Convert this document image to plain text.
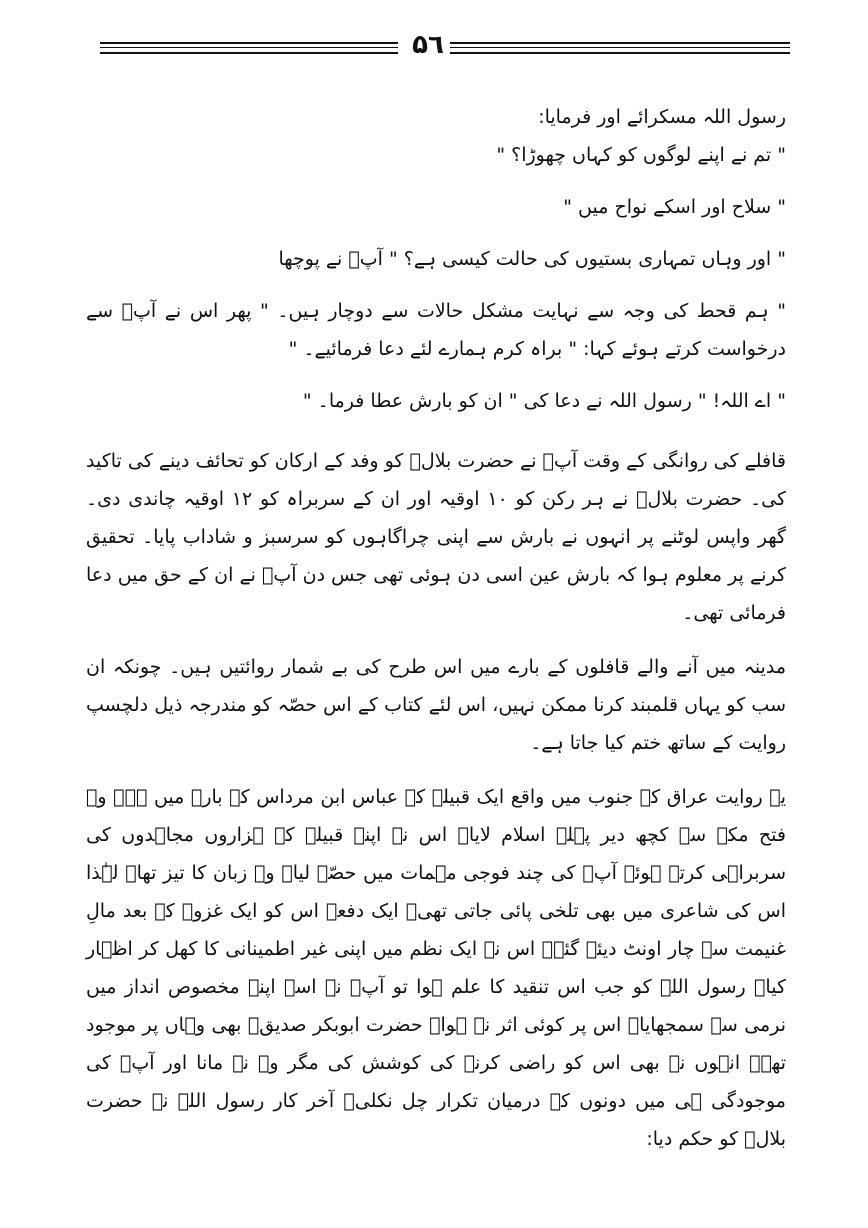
۵٦

رسول اللہ مسکرائے اور فرمایا:

" تم نے اپنے لوگوں کو کہاں چھوڑا؟ "

" سلاح اور اسکے نواح میں "

" اور وہاں تمہاری بستیوں کی حالت کیسی ہے؟ " آپؐ نے پوچھا

" ہم قحط کی وجہ سے نہایت مشکل حالات سے دوچار ہیں۔ " پھر اس نے آپؐ سے درخواست کرتے ہوئے کہا: " براہ کرم ہمارے لئے دعا فرمائیے۔ "

" اے اللہ! " رسول اللہ نے دعا کی " ان کو بارش عطا فرما۔ "

قافلے کی روانگی کے وقت آپؐ نے حضرت بلالؓ کو وفد کے ارکان کو تحائف دینے کی تاکید کی۔ حضرت بلالؓ نے ہر رکن کو ١٠ اوقیہ اور ان کے سربراہ کو ١٢ اوقیہ چاندی دی۔ گھر واپس لوٹنے پر انہوں نے بارش سے اپنی چراگاہوں کو سرسبز و شاداب پایا۔ تحقیق کرنے پر معلوم ہوا کہ بارش عین اسی دن ہوئی تھی جس دن آپؐ نے ان کے حق میں دعا فرمائی تھی۔

مدینہ میں آنے والے قافلوں کے بارے میں اس طرح کی بے شمار روائتیں ہیں۔ چونکہ ان سب کو یہاں قلمبند کرنا ممکن نہیں، اس لئے کتاب کے اس حصّہ کو مندرجہ ذیل دلچسپ روایت کے ساتھ ختم کیا جاتا ہے۔

یہ روایت عراق کے جنوب میں واقع ایک قبیلہ کے عباس ابن مرداس کے بارے میں ہے۔ وہ فتح مکہ سے کچھ دیر پہلے اسلام لایا۔ اس نے اپنے قبیلہ کے ہزاروں مجاہدوں کی سربراہی کرتے ہوئے آپؐ کی چند فوجی مہمات میں حصّہ لیا۔ وہ زبان کا تیز تھا۔ لہٰذا اس کی شاعری میں بھی تلخی پائی جاتی تھی۔ ایک دفعہ اس کو ایک غزوہ کے بعد مالِ غنیمت سے چار اونٹ دیئے گئے۔ اس نے ایک نظم میں اپنی غیر اطمینانی کا کھل کر اظہار کیا۔ رسول اللہ کو جب اس تنقید کا علم ہوا تو آپؐ نے اسے اپنے مخصوص انداز میں نرمی سے سمجھایا۔ اس پر کوئی اثر نہ ہوا۔ حضرت ابوبکر صدیقؓ بھی وہاں پر موجود تھے۔ انہوں نے بھی اس کو راضی کرنے کی کوشش کی مگر وہ نہ مانا اور آپؐ کی موجودگی ہی میں دونوں کے درمیان تکرار چل نکلی۔ آخر کار رسول اللہ نے حضرت بلالؓ کو حکم دیا:
